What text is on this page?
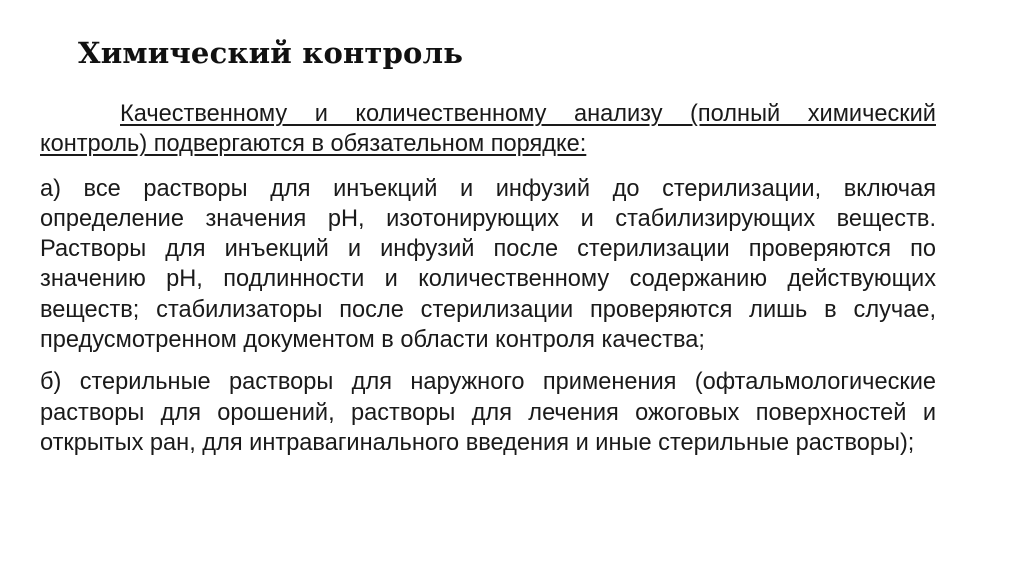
Химический контроль

Качественному и количественному анализу (полный химический контроль) подвергаются в обязательном порядке:

а) все растворы для инъекций и инфузий до стерилизации, включая определение значения рН, изотонирующих и стабилизирующих веществ. Растворы для инъекций и инфузий после стерилизации проверяются по значению рН, подлинности и количественному содержанию действующих веществ; стабилизаторы после стерилизации проверяются лишь в случае, предусмотренном документом в области контроля качества;

б) стерильные растворы для наружного применения (офтальмологические растворы для орошений, растворы для лечения ожоговых поверхностей и открытых ран, для интравагинального введения и иные стерильные растворы);
